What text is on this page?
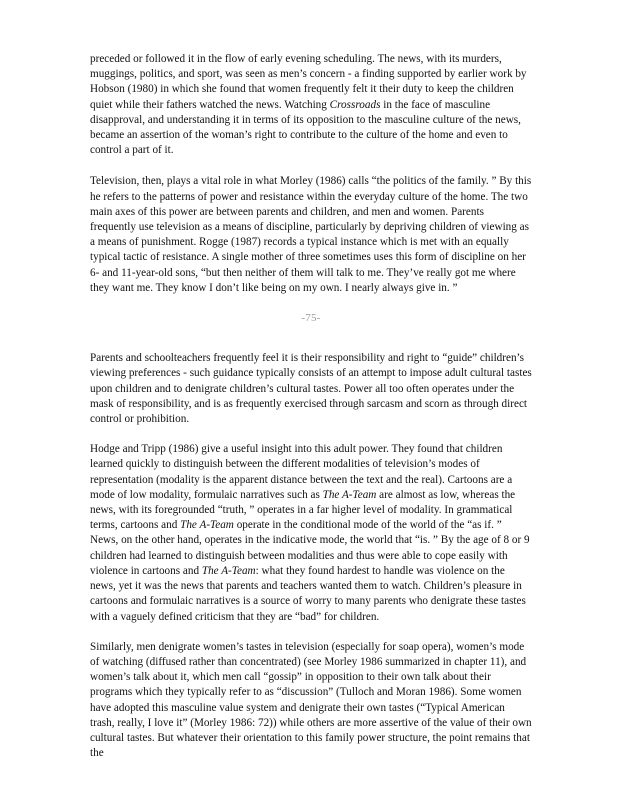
preceded or followed it in the flow of early evening scheduling. The news, with its murders, muggings, politics, and sport, was seen as men’s concern - a finding supported by earlier work by Hobson (1980) in which she found that women frequently felt it their duty to keep the children quiet while their fathers watched the news. Watching Crossroads in the face of masculine disapproval, and understanding it in terms of its opposition to the masculine culture of the news, became an assertion of the woman’s right to contribute to the culture of the home and even to control a part of it.

Television, then, plays a vital role in what Morley (1986) calls “the politics of the family. ” By this he refers to the patterns of power and resistance within the everyday culture of the home. The two main axes of this power are between parents and children, and men and women. Parents frequently use television as a means of discipline, particularly by depriving children of viewing as a means of punishment. Rogge (1987) records a typical instance which is met with an equally typical tactic of resistance. A single mother of three sometimes uses this form of discipline on her 6- and 11-year-old sons, “but then neither of them will talk to me. They’ve really got me where they want me. They know I don’t like being on my own. I nearly always give in. ”

-75-

Parents and schoolteachers frequently feel it is their responsibility and right to “guide” children’s viewing preferences - such guidance typically consists of an attempt to impose adult cultural tastes upon children and to denigrate children’s cultural tastes. Power all too often operates under the mask of responsibility, and is as frequently exercised through sarcasm and scorn as through direct control or prohibition.

Hodge and Tripp (1986) give a useful insight into this adult power. They found that children learned quickly to distinguish between the different modalities of television’s modes of representation (modality is the apparent distance between the text and the real). Cartoons are a mode of low modality, formulaic narratives such as The A-Team are almost as low, whereas the news, with its foregrounded “truth, ” operates in a far higher level of modality. In grammatical terms, cartoons and The A-Team operate in the conditional mode of the world of the “as if. ” News, on the other hand, operates in the indicative mode, the world that “is. ” By the age of 8 or 9 children had learned to distinguish between modalities and thus were able to cope easily with violence in cartoons and The A-Team: what they found hardest to handle was violence on the news, yet it was the news that parents and teachers wanted them to watch. Children’s pleasure in cartoons and formulaic narratives is a source of worry to many parents who denigrate these tastes with a vaguely defined criticism that they are “bad” for children.

Similarly, men denigrate women’s tastes in television (especially for soap opera), women’s mode of watching (diffused rather than concentrated) (see Morley 1986 summarized in chapter 11), and women’s talk about it, which men call “gossip” in opposition to their own talk about their programs which they typically refer to as “discussion” (Tulloch and Moran 1986). Some women have adopted this masculine value system and denigrate their own tastes (“Typical American trash, really, I love it” (Morley 1986: 72)) while others are more assertive of the value of their own cultural tastes. But whatever their orientation to this family power structure, the point remains that the
